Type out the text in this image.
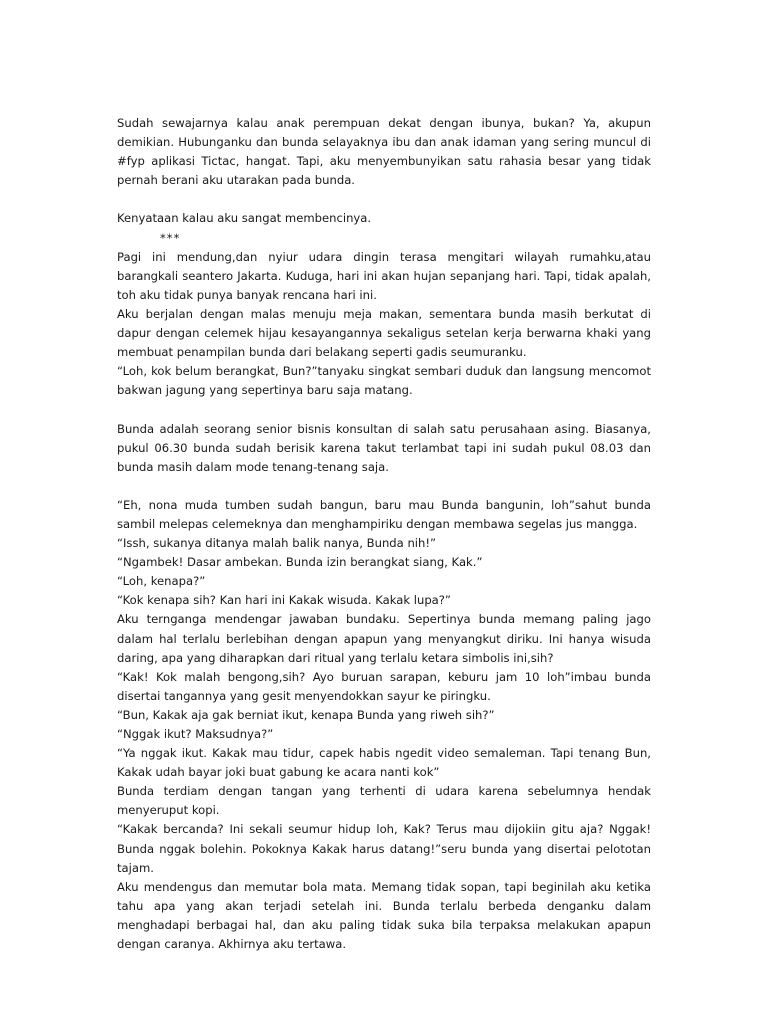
Sudah sewajarnya kalau anak perempuan dekat dengan ibunya, bukan? Ya, akupun demikian. Hubunganku dan bunda selayaknya ibu dan anak idaman yang sering muncul di #fyp aplikasi Tictac, hangat. Tapi, aku menyembunyikan satu rahasia besar yang tidak pernah berani aku utarakan pada bunda.

Kenyataan kalau aku sangat membencinya.

***

Pagi ini mendung,dan nyiur udara dingin terasa mengitari wilayah rumahku,atau barangkali seantero Jakarta. Kuduga, hari ini akan hujan sepanjang hari. Tapi, tidak apalah, toh aku tidak punya banyak rencana hari ini.

Aku berjalan dengan malas menuju meja makan, sementara bunda masih berkutat di dapur dengan celemek hijau kesayangannya sekaligus setelan kerja berwarna khaki yang membuat penampilan bunda dari belakang seperti gadis seumuranku.

“Loh, kok belum berangkat, Bun?”tanyaku singkat sembari duduk dan langsung mencomot bakwan jagung yang sepertinya baru saja matang.

Bunda adalah seorang senior bisnis konsultan di salah satu perusahaan asing. Biasanya, pukul 06.30 bunda sudah berisik karena takut terlambat tapi ini sudah pukul 08.03 dan bunda masih dalam mode tenang-tenang saja.

“Eh, nona muda tumben sudah bangun, baru mau Bunda bangunin, loh”sahut bunda sambil melepas celemeknya dan menghampiriku dengan membawa segelas jus mangga.

“Issh, sukanya ditanya malah balik nanya, Bunda nih!”

“Ngambek! Dasar ambekan. Bunda izin berangkat siang, Kak.”

“Loh, kenapa?”

“Kok kenapa sih? Kan hari ini Kakak wisuda. Kakak lupa?”

Aku ternganga mendengar jawaban bundaku. Sepertinya bunda memang paling jago dalam hal terlalu berlebihan dengan apapun yang menyangkut diriku. Ini hanya wisuda daring, apa yang diharapkan dari ritual yang terlalu ketara simbolis ini,sih?

“Kak! Kok malah bengong,sih? Ayo buruan sarapan, keburu jam 10 loh”imbau bunda disertai tangannya yang gesit menyendokkan sayur ke piringku.

“Bun, Kakak aja gak berniat ikut, kenapa Bunda yang riweh sih?”

“Nggak ikut? Maksudnya?”

“Ya nggak ikut. Kakak mau tidur, capek habis ngedit video semaleman. Tapi tenang Bun, Kakak udah bayar joki buat gabung ke acara nanti kok”

Bunda terdiam dengan tangan yang terhenti di udara karena sebelumnya hendak menyeruput kopi.

“Kakak bercanda? Ini sekali seumur hidup loh, Kak? Terus mau dijokiin gitu aja? Nggak! Bunda nggak bolehin. Pokoknya Kakak harus datang!”seru bunda yang disertai pelototan tajam.

Aku mendengus dan memutar bola mata. Memang tidak sopan, tapi beginilah aku ketika tahu apa yang akan terjadi setelah ini. Bunda terlalu berbeda denganku dalam menghadapi berbagai hal, dan aku paling tidak suka bila terpaksa melakukan apapun dengan caranya. Akhirnya aku tertawa.
